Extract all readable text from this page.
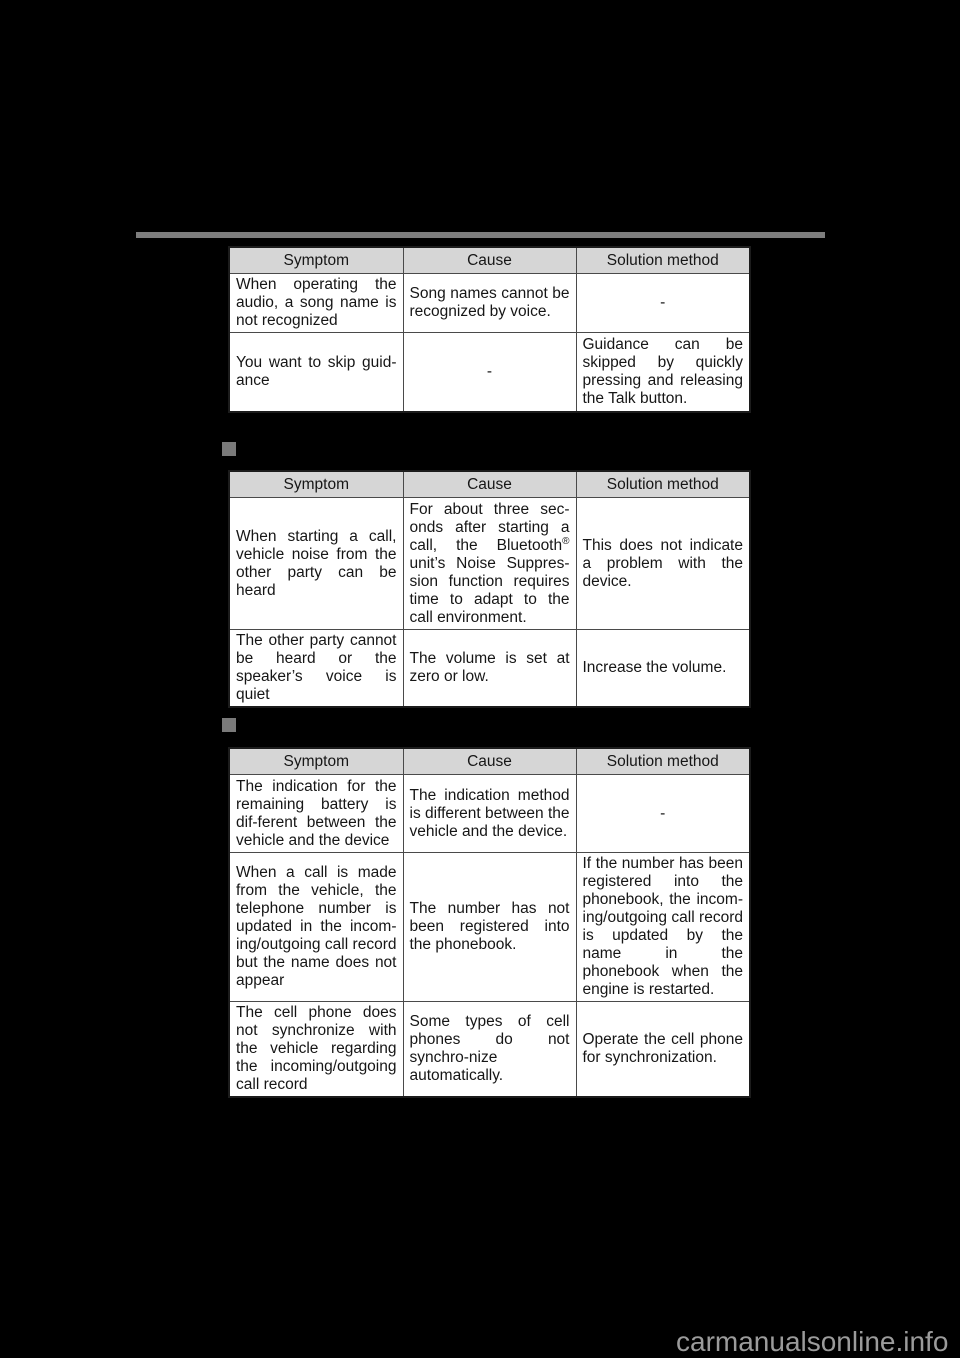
Symptom	Cause	Solution method
When operating the audio, a song name is not recognized	Song names cannot be recognized by voice.	-
You want to skip guid-ance	-	Guidance can be skipped by quickly pressing and releasing the Talk button.
Symptom	Cause	Solution method
When starting a call, vehicle noise from the other party can be heard	For about three sec-onds after starting a call, the Bluetooth® unit’s Noise Suppres-sion function requires time to adapt to the call environment.	This does not indicate a problem with the device.
The other party cannot be heard or the speaker’s voice is quiet	The volume is set at zero or low.	Increase the volume.
Symptom	Cause	Solution method
The indication for the remaining battery is dif-ferent between the vehicle and the device	The indication method is different between the vehicle and the device.	-
When a call is made from the vehicle, the telephone number is updated in the incom-ing/outgoing call record but the name does not appear	The number has not been registered into the phonebook.	If the number has been registered into the phonebook, the incom-ing/outgoing call record is updated by the name in the phonebook when the engine is restarted.
The cell phone does not synchronize with the vehicle regarding the incoming/outgoing call record	Some types of cell phones do not synchro-nize automatically.	Operate the cell phone for synchronization.
carmanualsonline.info
